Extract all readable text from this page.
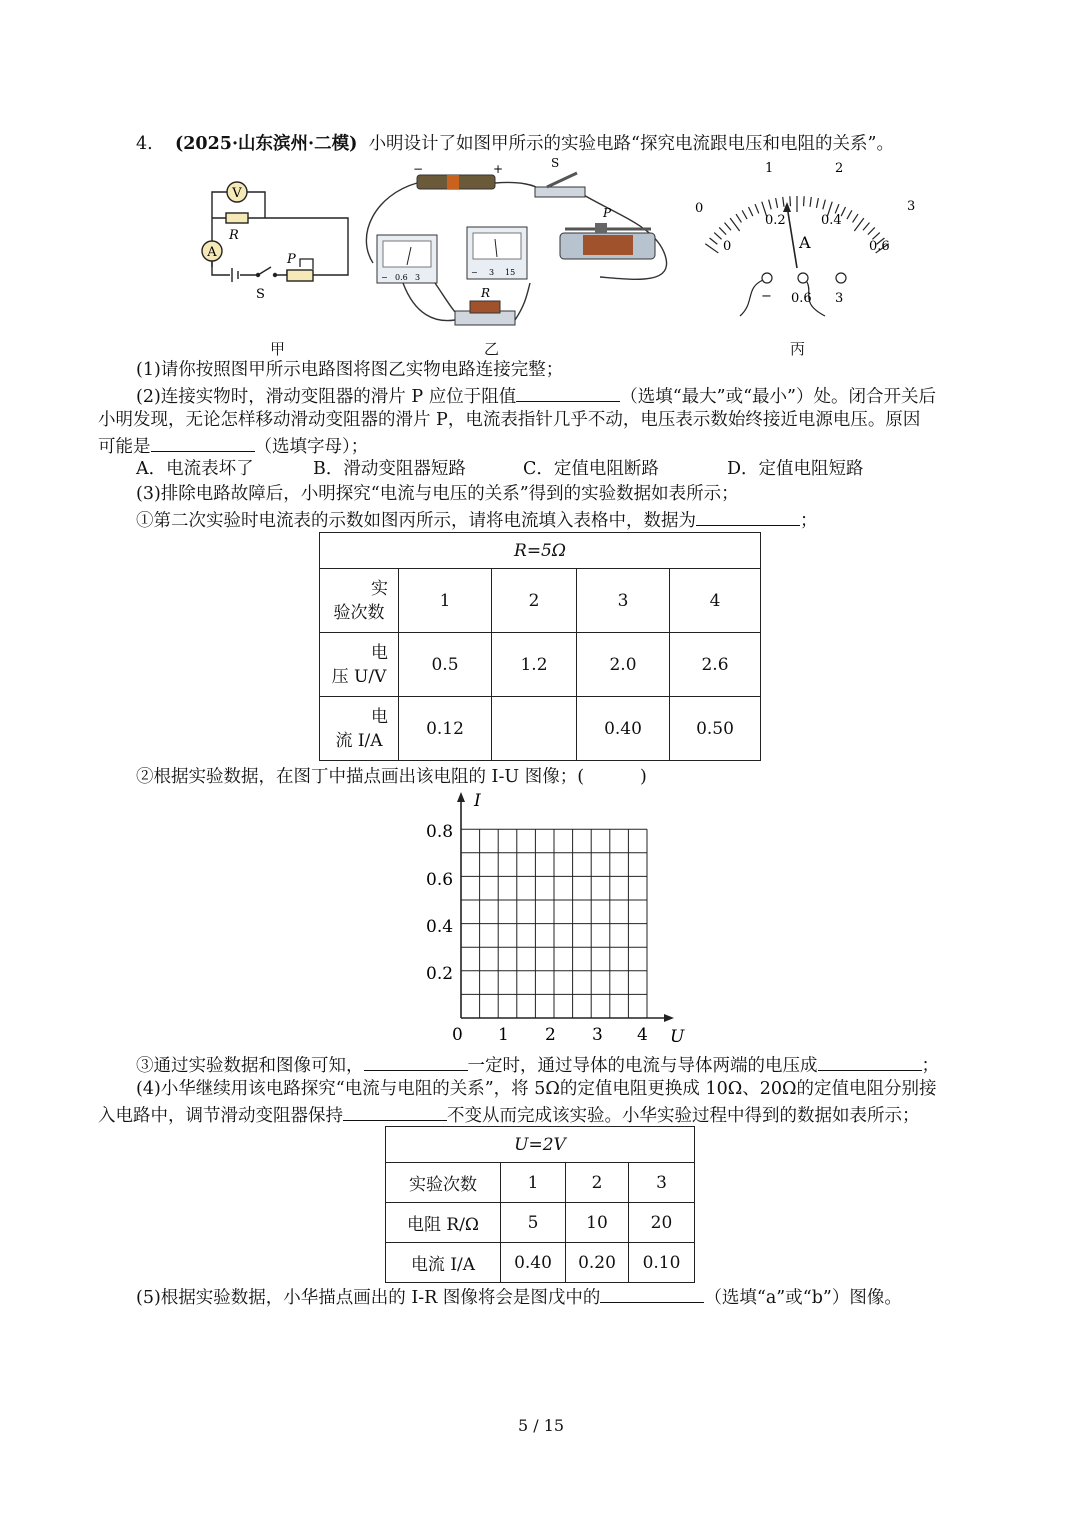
4. (2025·山东滨州·二模) 小明设计了如图甲所示的实验电路“探究电流跟电压和电阻的关系”。
V
R
A
S
P
甲
−	+	S
− 0.6 3
− 3 15
P
R
乙
0
1	2
3
0
0.2	0.4
0.6
A
− 0.6 3
丙
(1)请你按照图甲所示电路图将图乙实物电路连接完整；
(2)连接实物时，滑动变阻器的滑片 P 应位于阻值	（选填“最大”或“最小”）处。闭合开关后
小明发现，无论怎样移动滑动变阻器的滑片 P，电流表指针几乎不动，电压表示数始终接近电源电压。原因
可能是	（选填字母）；
A．电流表坏了	B．滑动变阻器短路	C．定值电阻断路	D．定值电阻短路
(3)排除电路故障后，小明探究“电流与电压的关系”得到的实验数据如表所示；
①第二次实验时电流表的示数如图丙所示，请将电流填入表格中，数据为	；
R=5Ω				

实
验次数	1	2	3	4

电
压 U/V	0.5	1.2	2.0	2.6

电
流 I/A	0.12		0.40	0.50
②根据实验数据，在图丁中描点画出该电阻的 I-U 图像；(	)
I
U
0.8
0.6
0.4
0.2
0 1 2 3 4
③通过实验数据和图像可知，	一定时，通过导体的电流与导体两端的电压成	；
(4)小华继续用该电路探究“电流与电阻的关系”，将 5Ω的定值电阻更换成 10Ω、20Ω的定值电阻分别接
入电路中，调节滑动变阻器保持	不变从而完成该实验。小华实验过程中得到的数据如表所示；
U=2V			
实验次数	1	2	3
电阻 R/Ω	5	10	20
电流 I/A	0.40	0.20	0.10
(5)根据实验数据，小华描点画出的 I-R 图像将会是图戊中的	（选填“a”或“b”）图像。
5 / 15
